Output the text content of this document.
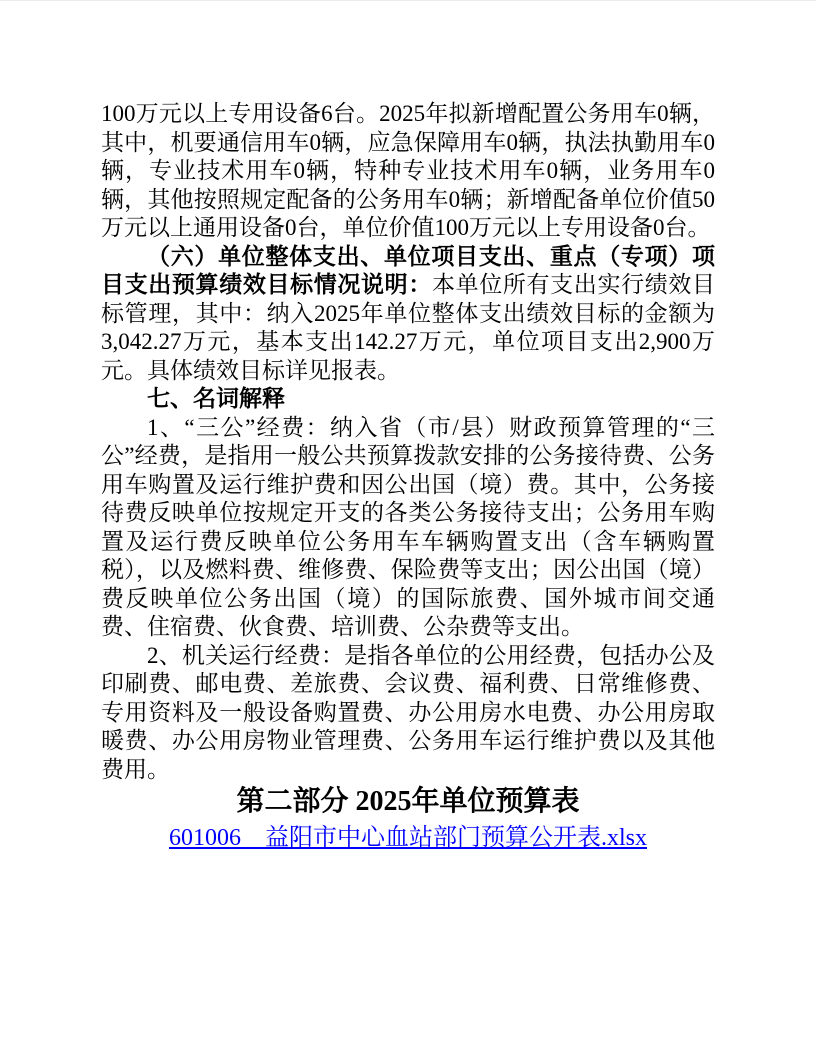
100万元以上专用设备6台。2025年拟新增配置公务用车0辆，其中，机要通信用车0辆，应急保障用车0辆，执法执勤用车0辆，专业技术用车0辆，特种专业技术用车0辆，业务用车0辆，其他按照规定配备的公务用车0辆；新增配备单位价值50万元以上通用设备0台，单位价值100万元以上专用设备0台。

（六）单位整体支出、单位项目支出、重点（专项）项目支出预算绩效目标情况说明：本单位所有支出实行绩效目标管理，其中：纳入2025年单位整体支出绩效目标的金额为3,042.27万元，基本支出142.27万元，单位项目支出2,900万元。具体绩效目标详见报表。

七、名词解释

1、“三公”经费：纳入省（市/县）财政预算管理的“三公”经费，是指用一般公共预算拨款安排的公务接待费、公务用车购置及运行维护费和因公出国（境）费。其中，公务接待费反映单位按规定开支的各类公务接待支出；公务用车购置及运行费反映单位公务用车车辆购置支出（含车辆购置税），以及燃料费、维修费、保险费等支出；因公出国（境）费反映单位公务出国（境）的国际旅费、国外城市间交通费、住宿费、伙食费、培训费、公杂费等支出。

2、机关运行经费：是指各单位的公用经费，包括办公及印刷费、邮电费、差旅费、会议费、福利费、日常维修费、专用资料及一般设备购置费、办公用房水电费、办公用房取暖费、办公用房物业管理费、公务用车运行维护费以及其他费用。

第二部分 2025年单位预算表

601006　益阳市中心血站部门预算公开表.xlsx
